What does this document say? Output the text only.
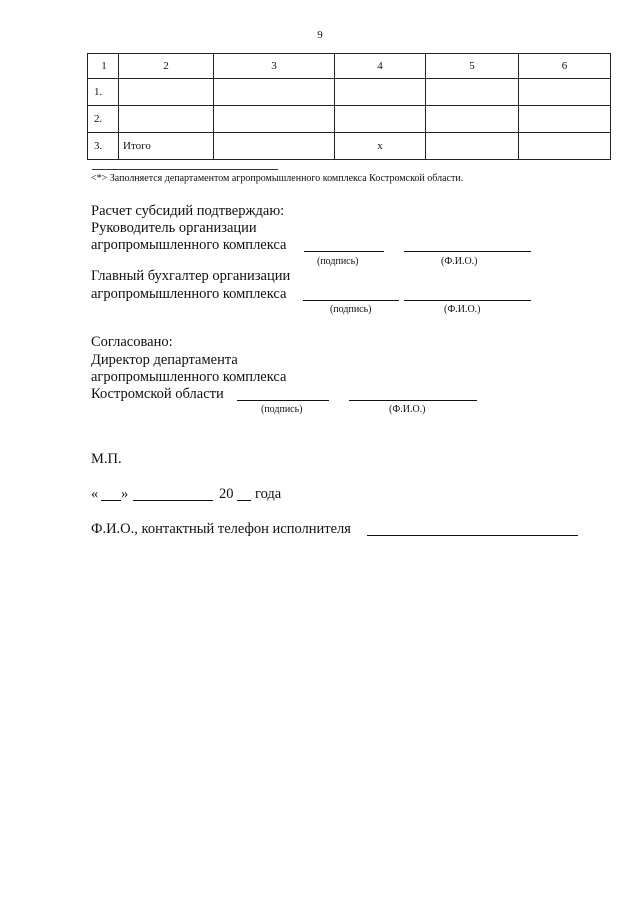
9
1	2	3	4	5	6
1.					
2.					
3.	Итого		х		
<*> Заполняется департаментом агропромышленного комплекса Костромской области.
Расчет субсидий подтверждаю:
Руководитель организации
агропромышленного комплекса
(подпись)	(Ф.И.О.)
Главный бухгалтер организации
агропромышленного комплекса
(подпись)	(Ф.И.О.)
Согласовано:
Директор департамента
агропромышленного комплекса
Костромской области
(подпись)	(Ф.И.О.)
М.П.
« »	20 года
Ф.И.О., контактный телефон исполнителя
